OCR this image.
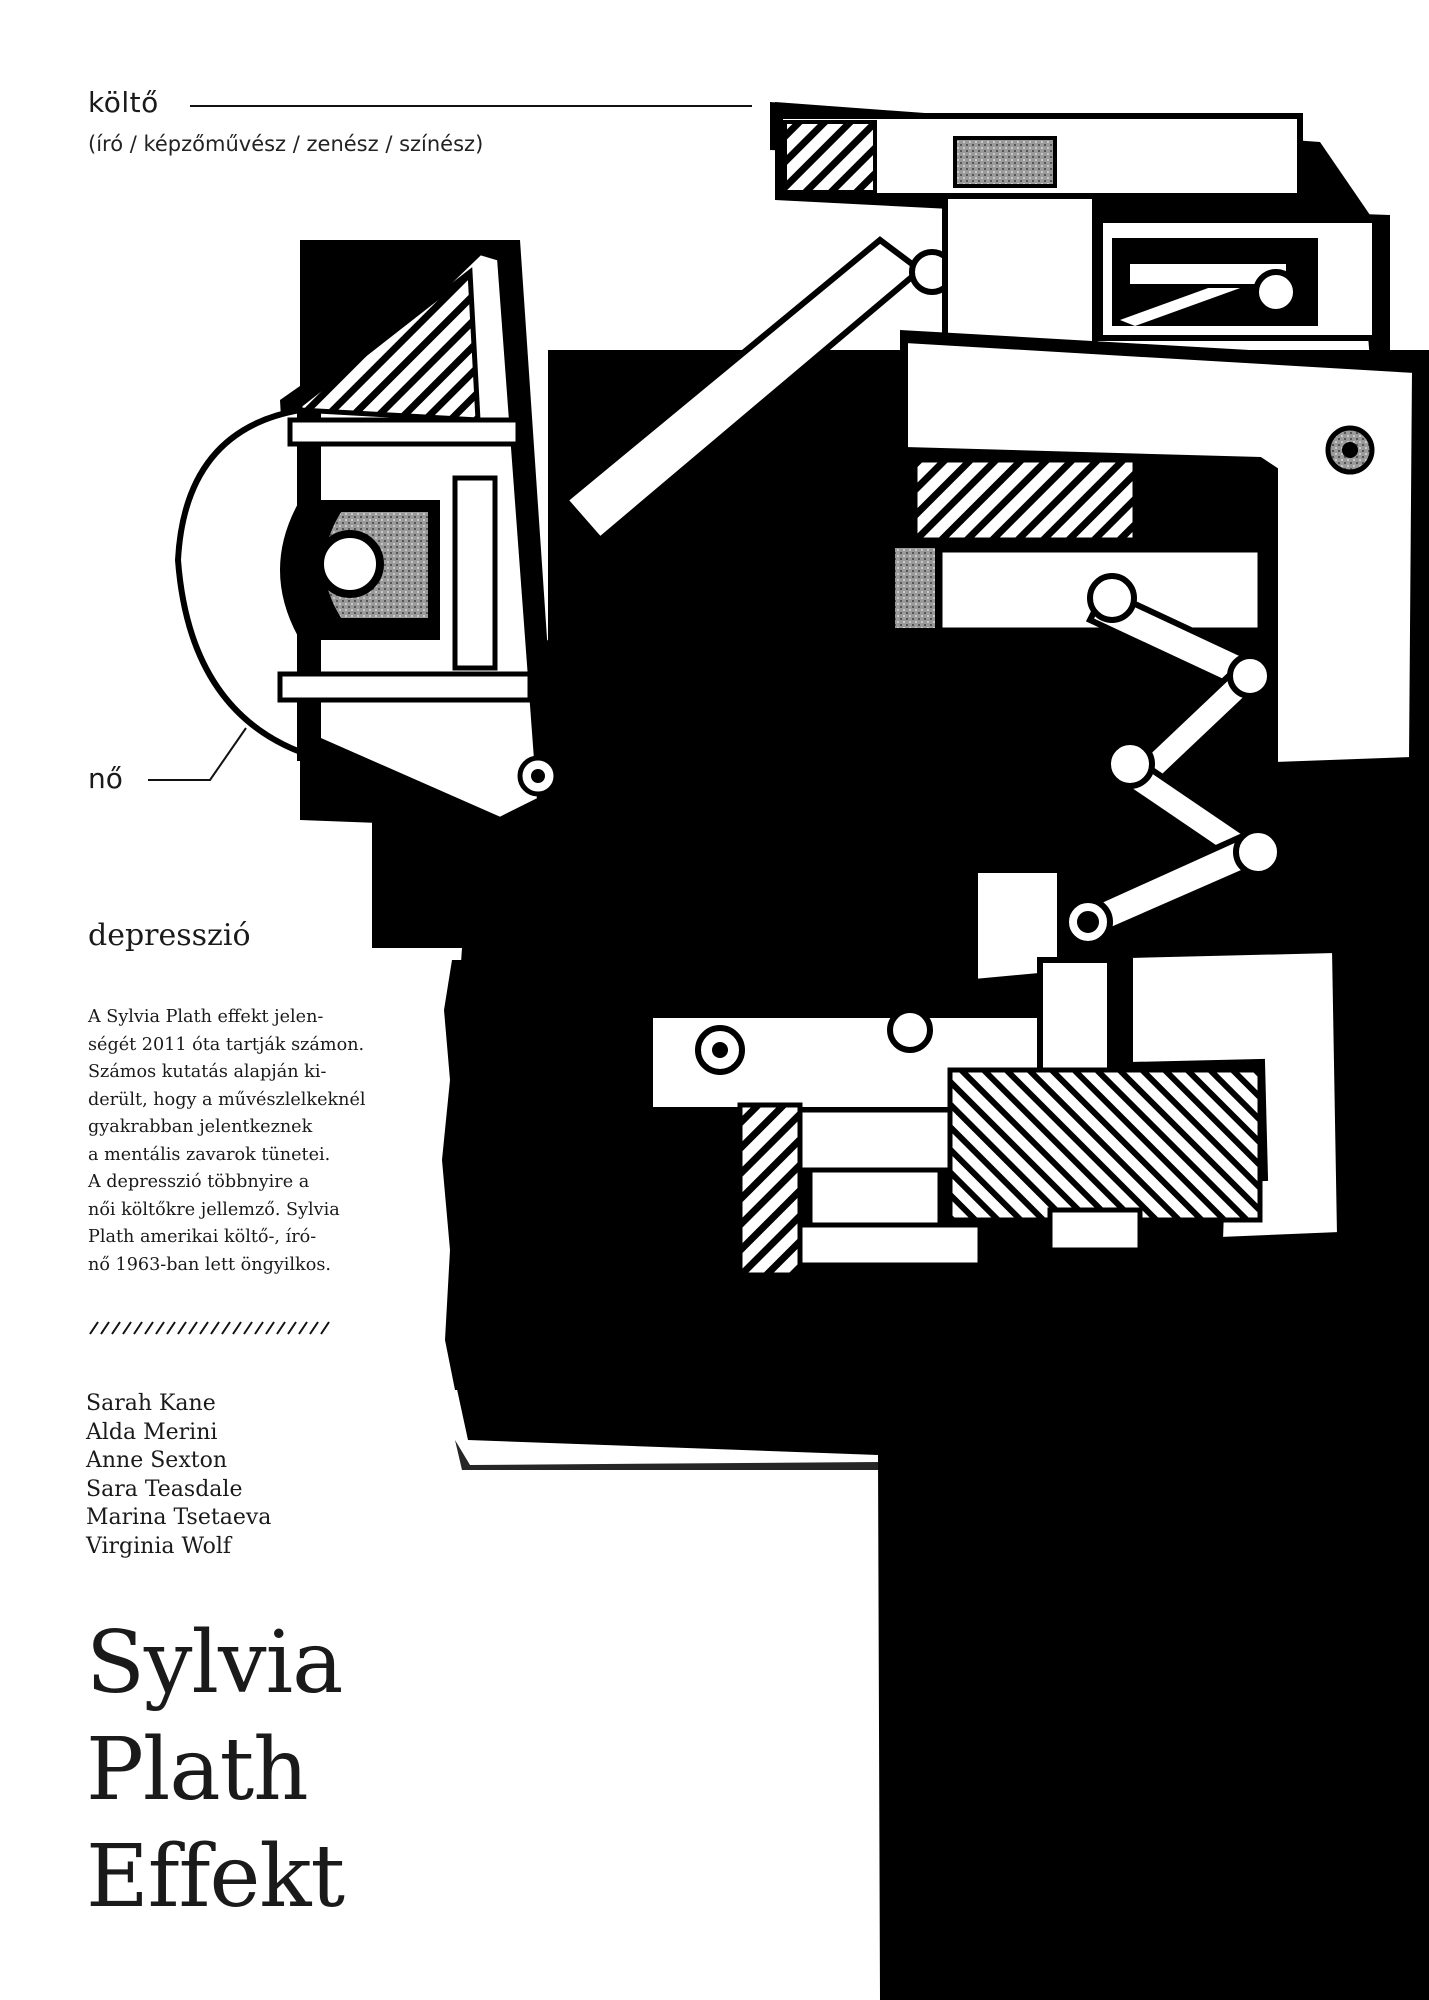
költő
(író / képzőművész / zenész / színész)
nő
depresszió
A Sylvia Plath effekt jelen-
ségét 2011 óta tartják számon.
Számos kutatás alapján ki-
derült, hogy a művészlelkeknél
gyakrabban jelentkeznek
a mentális zavarok tünetei.
A depresszió többnyire a
női költőkre jellemző. Sylvia
Plath amerikai költő-, író-
nő 1963-ban lett öngyilkos.
Sarah Kane
Alda Merini
Anne Sexton
Sara Teasdale
Marina Tsetaeva
Virginia Wolf
Sylvia
Plath
Effekt
